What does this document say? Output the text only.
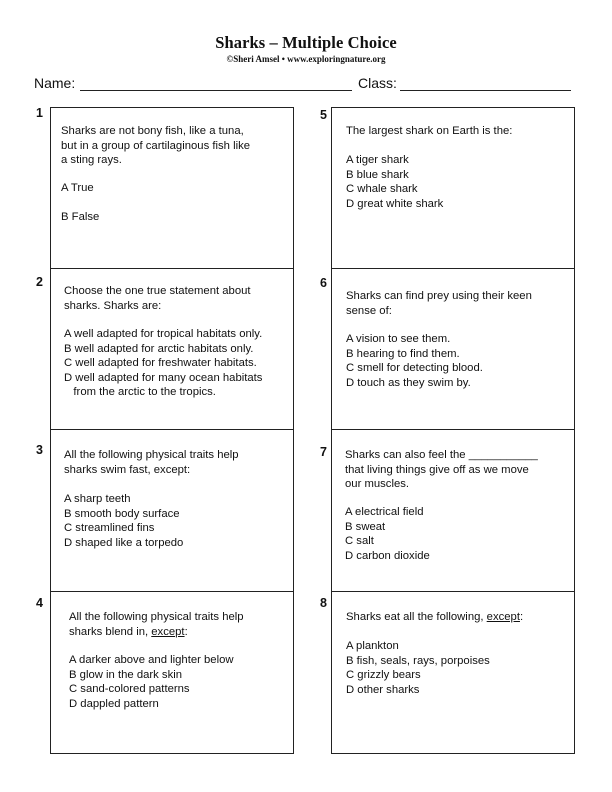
Sharks – Multiple Choice
©Sheri Amsel • www.exploringnature.org
Name:	Class:
1
Sharks are not bony fish, like a tuna,
but in a group of cartilaginous fish like
a sting rays.
A True
B False
2
Choose the one true statement about
sharks. Sharks are:
A well adapted for tropical habitats only.
B well adapted for arctic habitats only.
C well adapted for freshwater habitats.
D well adapted for many ocean habitats
from the arctic to the tropics.
3 All the following physical traits help
sharks swim fast, except:
A sharp teeth
B smooth body surface
C streamlined fins
D shaped like a torpedo
4
All the following physical traits help
sharks blend in, except:
A darker above and lighter below
B glow in the dark skin
C sand-colored patterns
D dappled pattern
5
The largest shark on Earth is the:
A tiger shark
B blue shark
C whale shark
D great white shark
6
Sharks can find prey using their keen
sense of:
A vision to see them.
B hearing to find them.
C smell for detecting blood.
D touch as they swim by.
7 Sharks can also feel the ___________
that living things give off as we move
our muscles.
A electrical field
B sweat
C salt
D carbon dioxide
8
Sharks eat all the following, except:
A plankton
B fish, seals, rays, porpoises
C grizzly bears
D other sharks
